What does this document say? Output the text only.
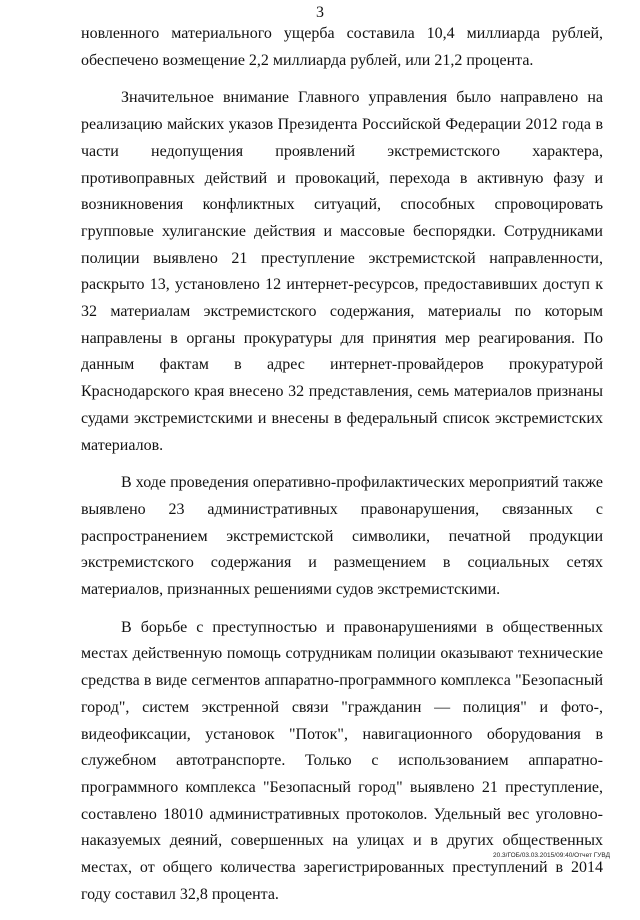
3

новленного материального ущерба составила 10,4 миллиарда рублей, обеспечено возмещение 2,2 миллиарда рублей, или 21,2 процента.

Значительное внимание Главного управления было направлено на реализацию майских указов Президента Российской Федерации 2012 года в части недопущения проявлений экстремистского характера, противоправных действий и провокаций, перехода в активную фазу и возникновения конфликтных ситуаций, способных спровоцировать групповые хулиганские действия и массовые беспорядки. Сотрудниками полиции выявлено 21 преступление экстремистской направленности, раскрыто 13, установлено 12 интернет-ресурсов, предоставивших доступ к 32 материалам экстремистского содержания, материалы по которым направлены в органы прокуратуры для принятия мер реагирования. По данным фактам в адрес интернет-провайдеров прокуратурой Краснодарского края внесено 32 представления, семь материалов признаны судами экстремистскими и внесены в федеральный список экстремистских материалов.

В ходе проведения оперативно-профилактических мероприятий также выявлено 23 административных правонарушения, связанных с распространением экстремистской символики, печатной продукции экстремистского содержания и размещением в социальных сетях материалов, признанных решениями судов экстремистскими.

В борьбе с преступностью и правонарушениями в общественных местах действенную помощь сотрудникам полиции оказывают технические средства в виде сегментов аппаратно-программного комплекса "Безопасный город", систем экстренной связи "гражданин — полиция" и фото-, видеофиксации, установок "Поток", навигационного оборудования в служебном автотранспорте. Только с использованием аппаратно-программного комплекса "Безопасный город" выявлено 21 преступление, составлено 18010 административных протоколов. Удельный вес уголовно-наказуемых деяний, совершенных на улицах и в других общественных местах, от общего количества зарегистрированных преступлений в 2014 году составил 32,8 процента.

20.3/ГОБ/03.03.2015/09:40/Отчет ГУВД
